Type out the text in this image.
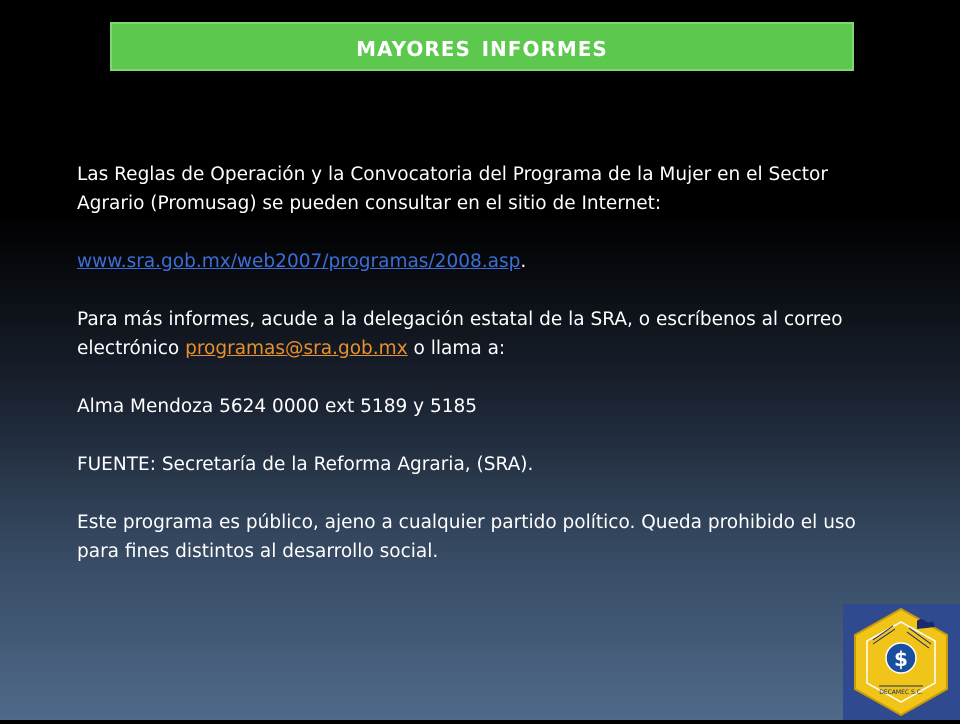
mayores informes

Las Reglas de Operación y la Convocatoria del Programa de la Mujer en el Sector Agrario (Promusag) se pueden consultar en el sitio de Internet:

www.sra.gob.mx/web2007/programas/2008.asp.

Para más informes, acude a la delegación estatal de la SRA, o escríbenos al correo electrónico programas@sra.gob.mx o llama a:

Alma Mendoza 5624 0000 ext 5189 y 5185

FUENTE: Secretaría de la Reforma Agraria, (SRA).

Este programa es público, ajeno a cualquier partido político. Queda prohibido el uso para fines distintos al desarrollo social.

$
DECAMEC S.C.
